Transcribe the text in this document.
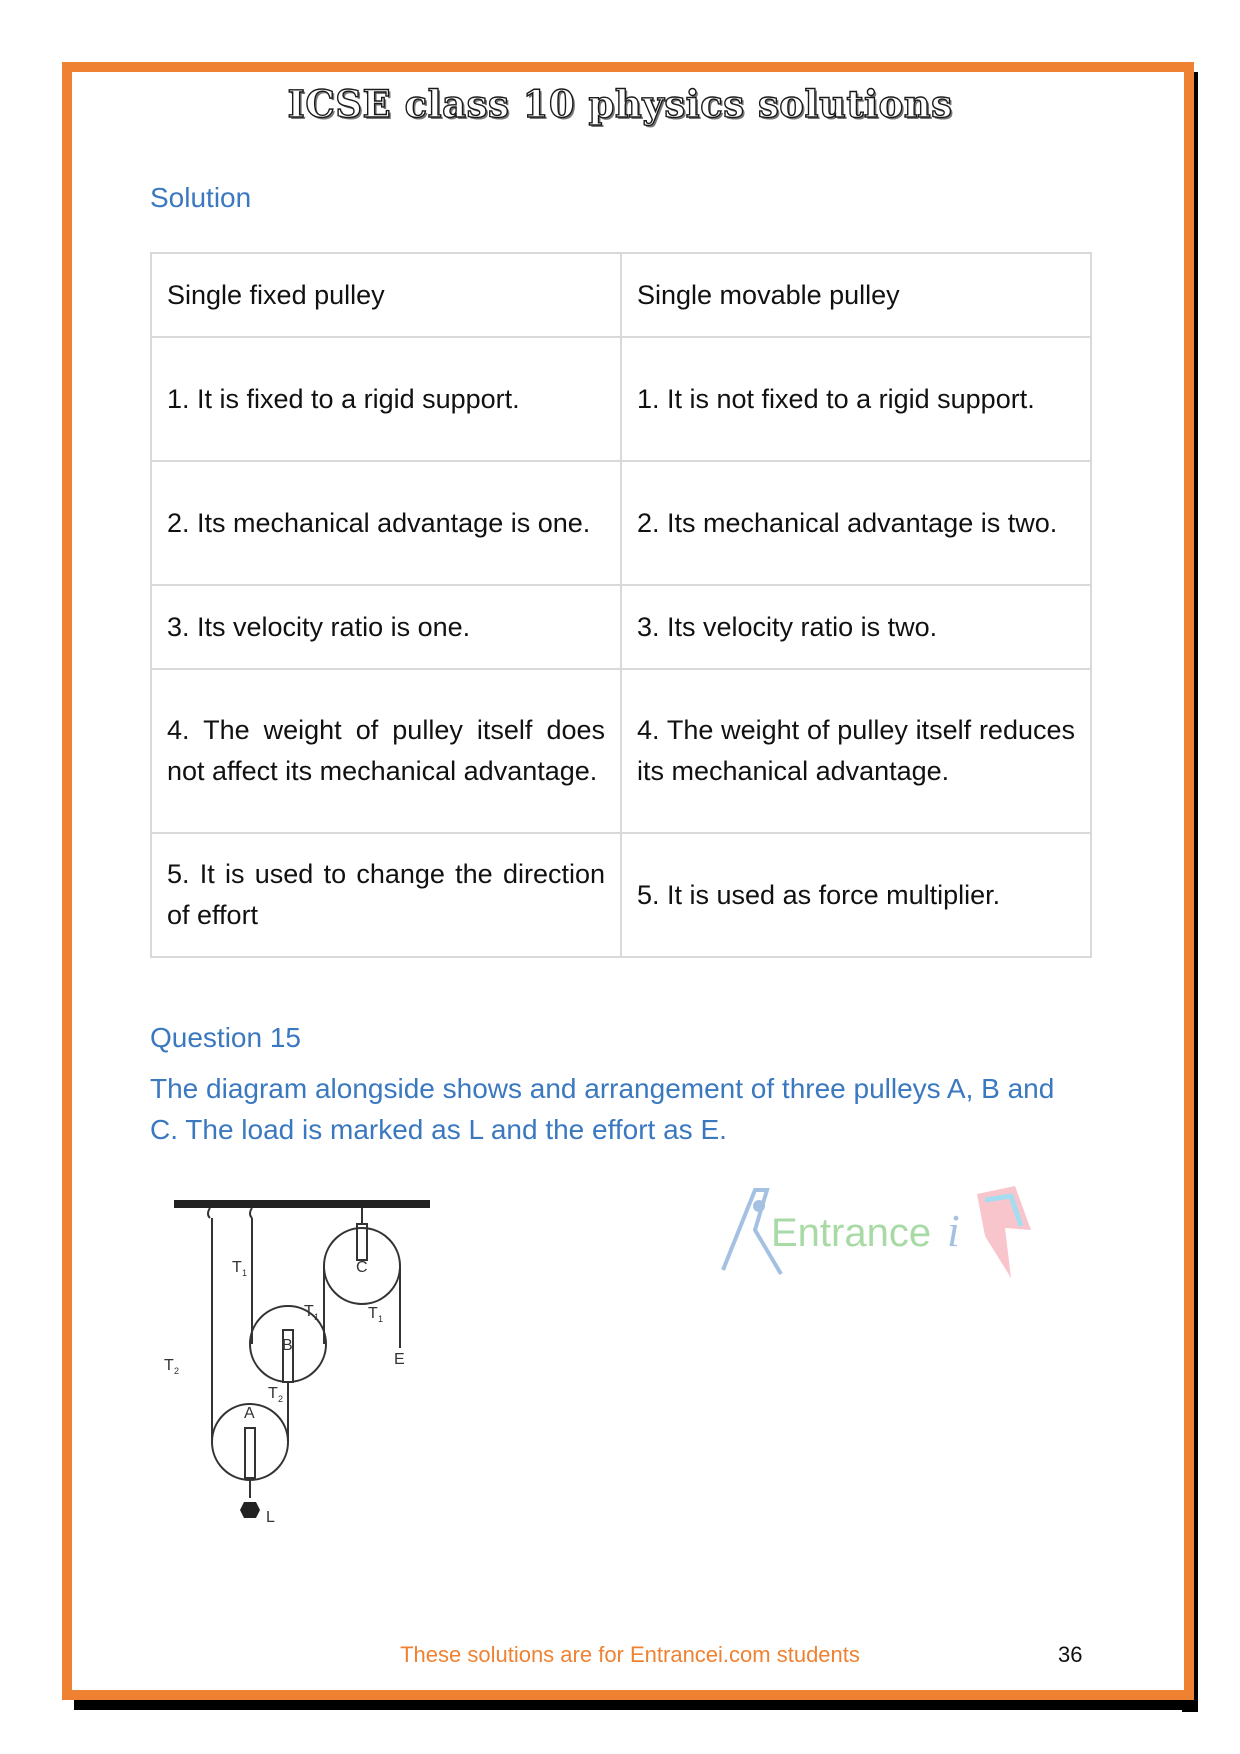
ICSE class 10 physics solutions
Solution
Single fixed pulley	Single movable pulley
1. It is fixed to a rigid support.	1. It is not fixed to a rigid support.
2. Its mechanical advantage is one.	2. Its mechanical advantage is two.
3. Its velocity ratio is one.	3. Its velocity ratio is two.
4. The weight of pulley itself does not affect its mechanical advantage.	4. The weight of pulley itself reduces its mechanical advantage.
5. It is used to change the direction of effort	5. It is used as force multiplier.
Question 15
The diagram alongside shows and arrangement of three pulleys A, B and C. The load is marked as L and the effort as E.
C
B
A
L
E
T 1
T 1	T 1
T 2
T 2
Entrance i
These solutions are for Entrancei.com students	36
